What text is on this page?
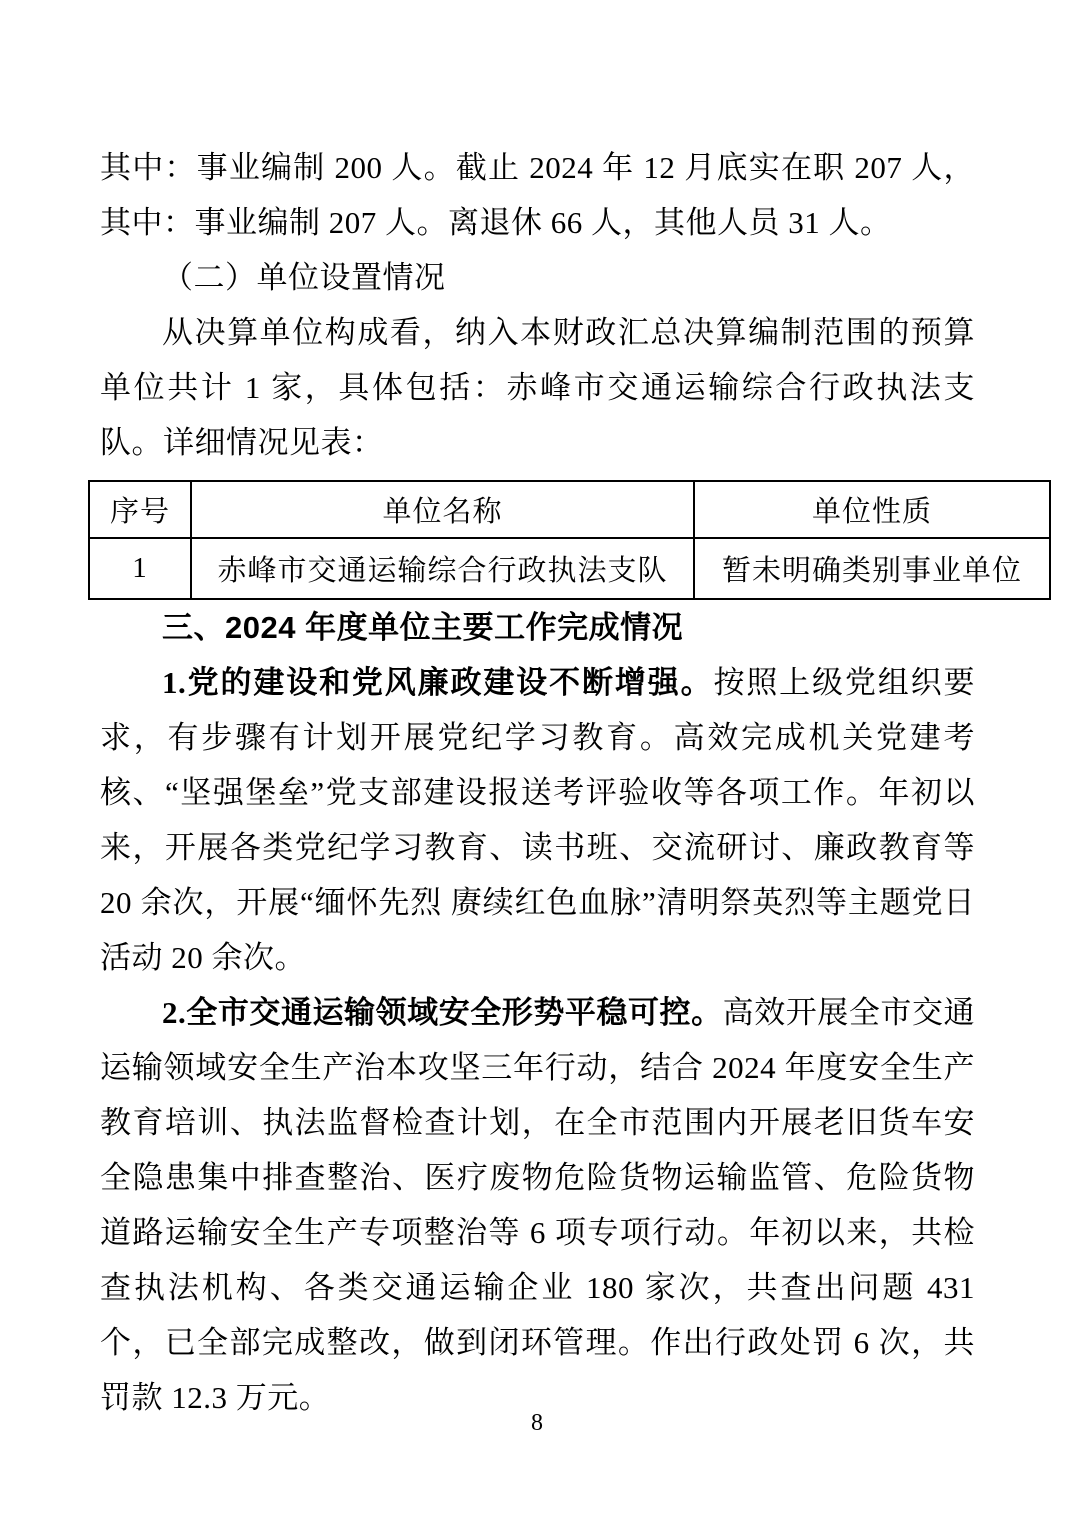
其中：事业编制 200 人。截止 2024 年 12 月底实在职 207 人，其中：事业编制 207 人。离退休 66 人，其他人员 31 人。

（二）单位设置情况

从决算单位构成看，纳入本财政汇总决算编制范围的预算单位共计 1 家，具体包括：赤峰市交通运输综合行政执法支队。详细情况见表：

序号	单位名称	单位性质
1	赤峰市交通运输综合行政执法支队	暂未明确类别事业单位

三、2024 年度单位主要工作完成情况

1.党的建设和党风廉政建设不断增强。按照上级党组织要求，有步骤有计划开展党纪学习教育。高效完成机关党建考核、“坚强堡垒”党支部建设报送考评验收等各项工作。年初以来，开展各类党纪学习教育、读书班、交流研讨、廉政教育等 20 余次，开展“缅怀先烈 赓续红色血脉”清明祭英烈等主题党日活动 20 余次。

2.全市交通运输领域安全形势平稳可控。高效开展全市交通运输领域安全生产治本攻坚三年行动，结合 2024 年度安全生产教育培训、执法监督检查计划，在全市范围内开展老旧货车安全隐患集中排查整治、医疗废物危险货物运输监管、危险货物道路运输安全生产专项整治等 6 项专项行动。年初以来，共检查执法机构、各类交通运输企业 180 家次，共查出问题 431 个，已全部完成整改，做到闭环管理。作出行政处罚 6 次，共罚款 12.3 万元。

8
